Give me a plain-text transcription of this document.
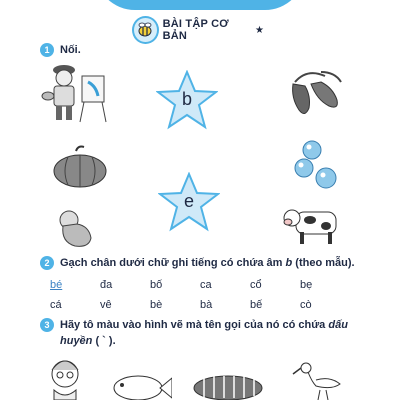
BÀI TẬP CƠ BẢN	★
1 Nối.
b
e
2 Gạch chân dưới chữ ghi tiếng có chứa âm b (theo mẫu).
bé	đa	bố	ca	cổ	bẹ
cá	vê	bè	bà	bế	cò
3 Hãy tô màu vào hình vẽ mà tên gọi của nó có chứa dấu
huyền ( ` ).
